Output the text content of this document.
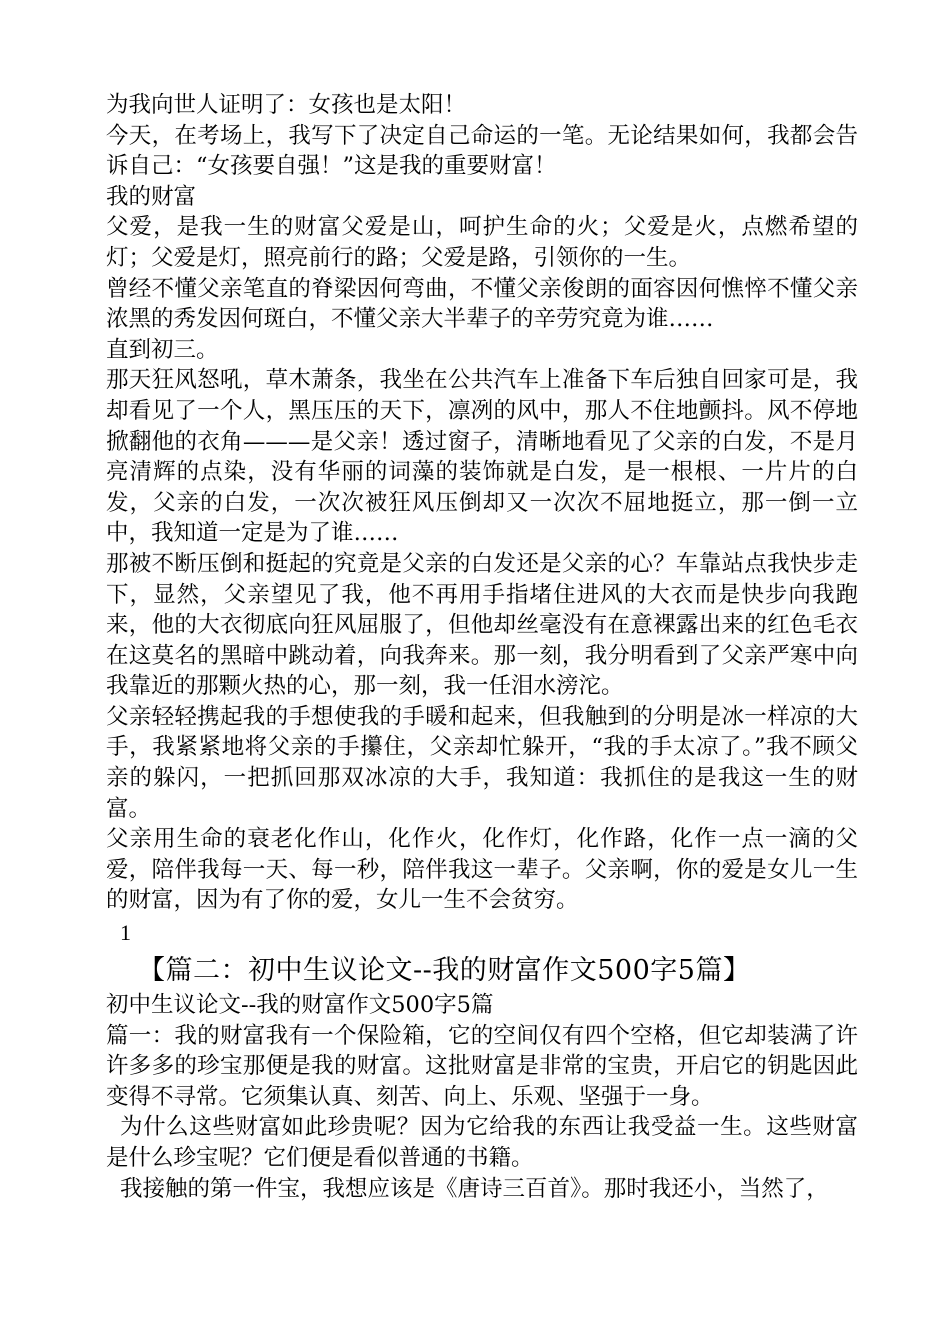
为我向世人证明了：女孩也是太阳！

今天，在考场上，我写下了决定自己命运的一笔。无论结果如何，我都会告诉自己：“女孩要自强！”这是我的重要财富！

我的财富

父爱，是我一生的财富父爱是山，呵护生命的火；父爱是火，点燃希望的灯；父爱是灯，照亮前行的路；父爱是路，引领你的一生。

曾经不懂父亲笔直的脊梁因何弯曲，不懂父亲俊朗的面容因何憔悴不懂父亲浓黑的秀发因何斑白，不懂父亲大半辈子的辛劳究竟为谁……

直到初三。

那天狂风怒吼，草木萧条，我坐在公共汽车上准备下车后独自回家可是，我却看见了一个人，黑压压的天下，凛冽的风中，那人不住地颤抖。风不停地掀翻他的衣角———是父亲！透过窗子，清晰地看见了父亲的白发，不是月亮清辉的点染，没有华丽的词藻的装饰就是白发，是一根根、一片片的白发，父亲的白发，一次次被狂风压倒却又一次次不屈地挺立，那一倒一立中，我知道一定是为了谁……

那被不断压倒和挺起的究竟是父亲的白发还是父亲的心？车靠站点我快步走下，显然，父亲望见了我，他不再用手指堵住进风的大衣而是快步向我跑来，他的大衣彻底向狂风屈服了，但他却丝毫没有在意裸露出来的红色毛衣在这莫名的黑暗中跳动着，向我奔来。那一刻，我分明看到了父亲严寒中向我靠近的那颗火热的心，那一刻，我一任泪水滂沱。

父亲轻轻携起我的手想使我的手暖和起来，但我触到的分明是冰一样凉的大手，我紧紧地将父亲的手攥住，父亲却忙躲开，“我的手太凉了。”我不顾父亲的躲闪，一把抓回那双冰凉的大手，我知道：我抓住的是我这一生的财富。

父亲用生命的衰老化作山，化作火，化作灯，化作路，化作一点一滴的父爱，陪伴我每一天、每一秒，陪伴我这一辈子。父亲啊，你的爱是女儿一生的财富，因为有了你的爱，女儿一生不会贫穷。

1
【篇二：初中生议论文--我的财富作文500字5篇】

初中生议论文--我的财富作文500字5篇

篇一：我的财富我有一个保险箱，它的空间仅有四个空格，但它却装满了许许多多的珍宝那便是我的财富。这批财富是非常的宝贵，开启它的钥匙因此变得不寻常。它须集认真、刻苦、向上、乐观、坚强于一身。

为什么这些财富如此珍贵呢？因为它给我的东西让我受益一生。这些财富是什么珍宝呢？它们便是看似普通的书籍。

我接触的第一件宝，我想应该是《唐诗三百首》。那时我还小，当然了，
